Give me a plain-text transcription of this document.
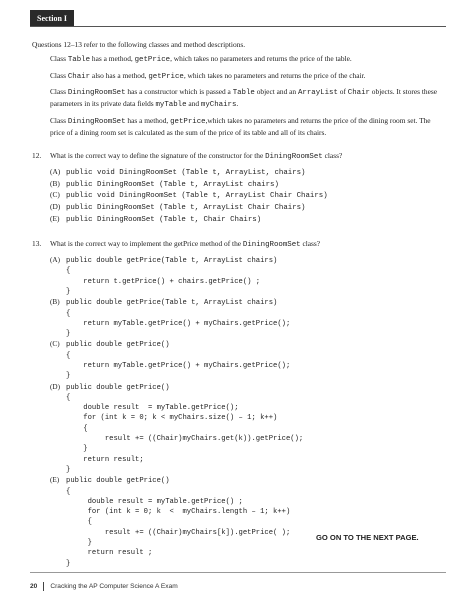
Section I

Questions 12–13 refer to the following classes and method descriptions.

Class Table has a method, getPrice, which takes no parameters and returns the price of the table.

Class Chair also has a method, getPrice, which takes no parameters and returns the price of the chair.

Class DiningRoomSet has a constructor which is passed a Table object and an ArrayList of Chair objects. It stores these parameters in its private data fields myTable and myChairs.

Class DiningRoomSet has a method, getPrice,which takes no parameters and returns the price of the dining room set. The price of a dining room set is calculated as the sum of the price of its table and all of its chairs.

12. What is the correct way to define the signature of the constructor for the DiningRoomSet class?

(A) public void DiningRoomSet (Table t, ArrayList, chairs)
(B) public DiningRoomSet (Table t, ArrayList chairs)
(C) public void DiningRoomSet (Table t, ArrayList Chair Chairs)
(D) public DiningRoomSet (Table t, ArrayList Chair Chairs)
(E) public DiningRoomSet (Table t, Chair Chairs)

13. What is the correct way to implement the getPrice method of the DiningRoomSet class?

(A) public double getPrice(Table t, ArrayList chairs)
{
return t.getPrice() + chairs.getPrice() ;
}
(B) public double getPrice(Table t, ArrayList chairs)
{
return myTable.getPrice() + myChairs.getPrice();
}
(C) public double getPrice()
{
return myTable.getPrice() + myChairs.getPrice();
}
(D) public double getPrice()
{
double result  = myTable.getPrice();
for (int k = 0; k < myChairs.size() – 1; k++)
{
result += ((Chair)myChairs.get(k)).getPrice();
}
return result;
}
(E) public double getPrice()
{
double result = myTable.getPrice() ;
for (int k = 0; k  <  myChairs.length – 1; k++)
{
result += ((Chair)myChairs[k]).getPrice( );
}
return result ;
}
GO ON TO THE NEXT PAGE.
20 Cracking the AP Computer Science A Exam
